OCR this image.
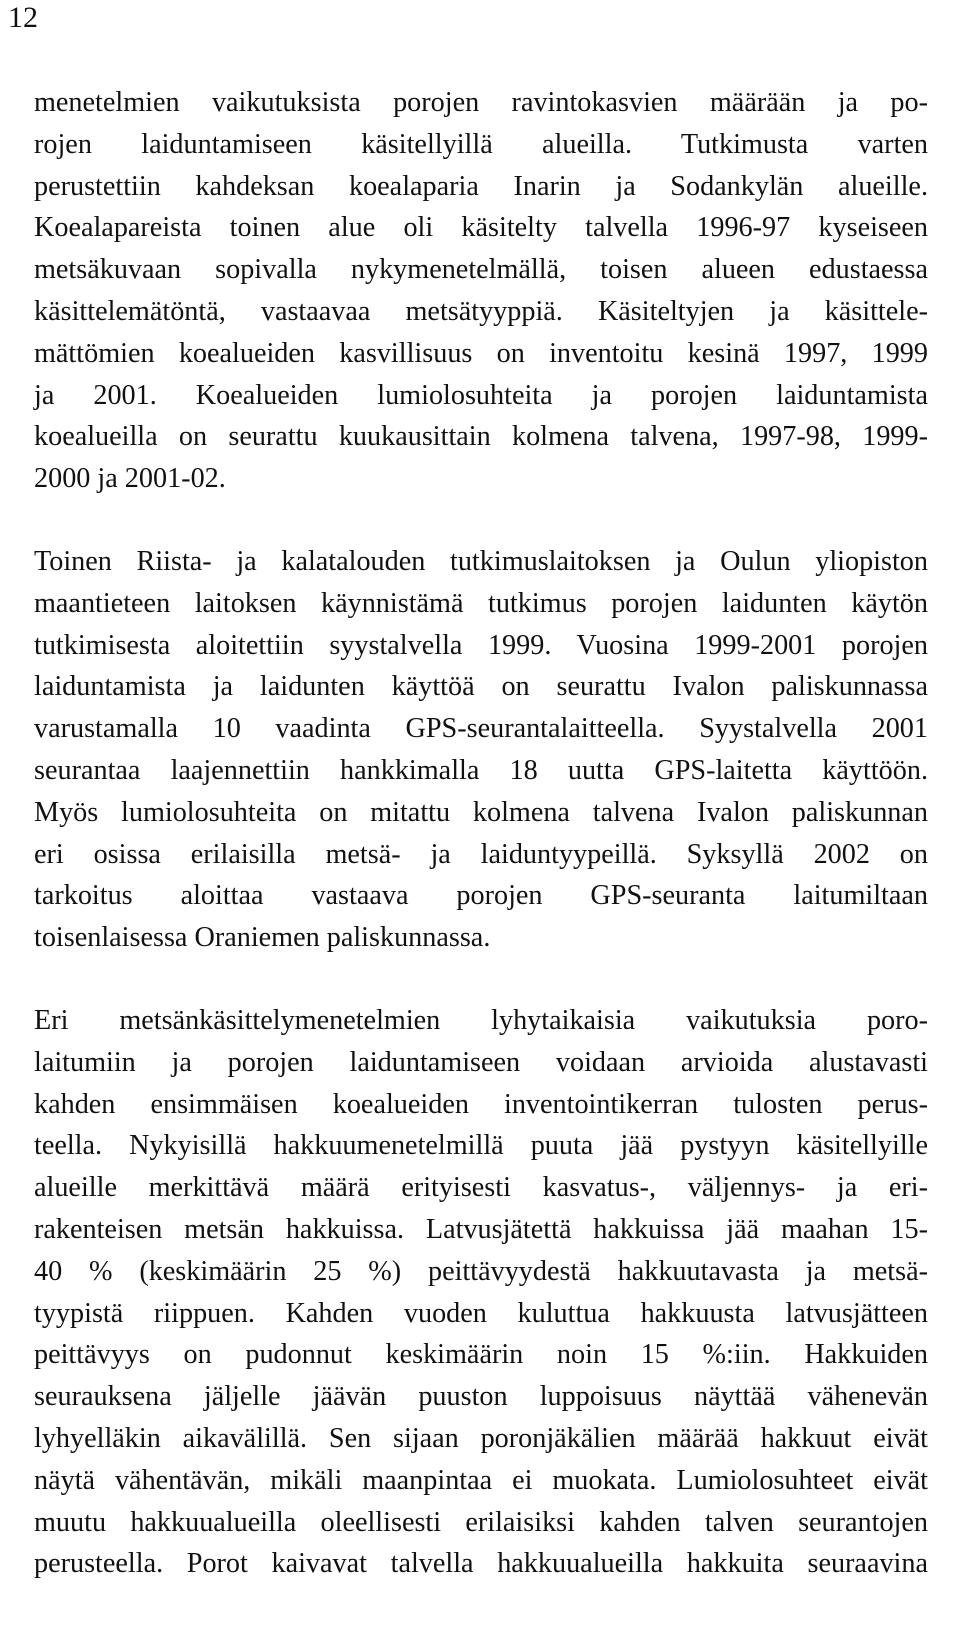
12

menetelmien vaikutuksista porojen ravintokasvien määrään ja po-
rojen laiduntamiseen käsitellyillä alueilla. Tutkimusta varten
perustettiin kahdeksan koealaparia Inarin ja Sodankylän alueille.
Koealapareista toinen alue oli käsitelty talvella 1996-97 kyseiseen
metsäkuvaan sopivalla nykymenetelmällä, toisen alueen edustaessa
käsittelemätöntä, vastaavaa metsätyyppiä. Käsiteltyjen ja käsittele-
mättömien koealueiden kasvillisuus on inventoitu kesinä 1997, 1999
ja 2001. Koealueiden lumiolosuhteita ja porojen laiduntamista
koealueilla on seurattu kuukausittain kolmena talvena, 1997-98, 1999-
2000 ja 2001-02.

Toinen Riista- ja kalatalouden tutkimuslaitoksen ja Oulun yliopiston
maantieteen laitoksen käynnistämä tutkimus porojen laidunten käytön
tutkimisesta aloitettiin syystalvella 1999. Vuosina 1999-2001 porojen
laiduntamista ja laidunten käyttöä on seurattu Ivalon paliskunnassa
varustamalla 10 vaadinta GPS-seurantalaitteella. Syystalvella 2001
seurantaa laajennettiin hankkimalla 18 uutta GPS-laitetta käyttöön.
Myös lumiolosuhteita on mitattu kolmena talvena Ivalon paliskunnan
eri osissa erilaisilla metsä- ja laiduntyypeillä. Syksyllä 2002 on
tarkoitus aloittaa vastaava porojen GPS-seuranta laitumiltaan
toisenlaisessa Oraniemen paliskunnassa.

Eri metsänkäsittelymenetelmien lyhytaikaisia vaikutuksia poro-
laitumiin ja porojen laiduntamiseen voidaan arvioida alustavasti
kahden ensimmäisen koealueiden inventointikerran tulosten perus-
teella. Nykyisillä hakkuumenetelmillä puuta jää pystyyn käsitellyille
alueille merkittävä määrä erityisesti kasvatus-, väljennys- ja eri-
rakenteisen metsän hakkuissa. Latvusjätettä hakkuissa jää maahan 15-
40 % (keskimäärin 25 %) peittävyydestä hakkuutavasta ja metsä-
tyypistä riippuen. Kahden vuoden kuluttua hakkuusta latvusjätteen
peittävyys on pudonnut keskimäärin noin 15 %:iin. Hakkuiden
seurauksena jäljelle jäävän puuston luppoisuus näyttää vähenevän
lyhyelläkin aikavälillä. Sen sijaan poronjäkälien määrää hakkuut eivät
näytä vähentävän, mikäli maanpintaa ei muokata. Lumiolosuhteet eivät
muutu hakkuualueilla oleellisesti erilaisiksi kahden talven seurantojen
perusteella. Porot kaivavat talvella hakkuualueilla hakkuita seuraavina
